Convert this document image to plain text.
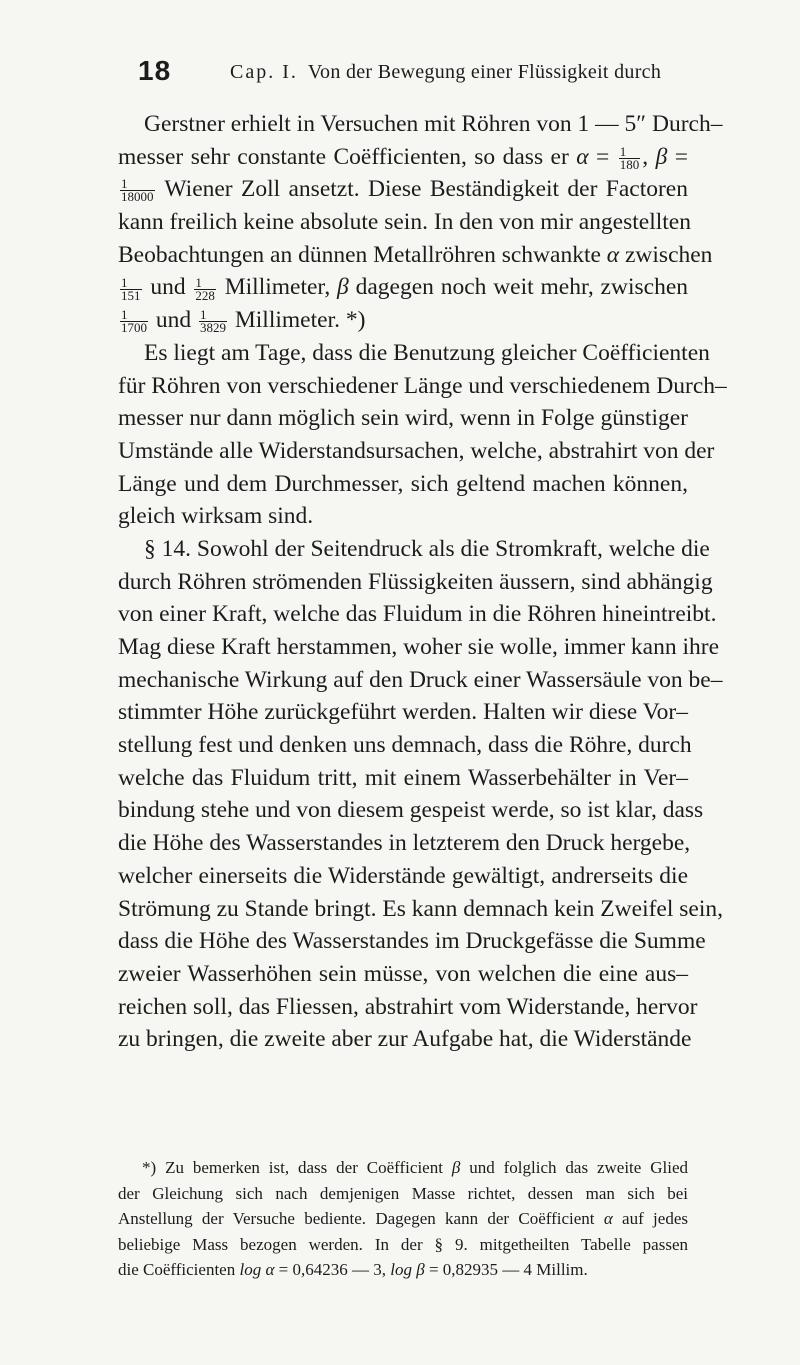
18	Cap. I. Von der Bewegung einer Flüssigkeit durch
Gerstner erhielt in Versuchen mit Röhren von 1 — 5″ Durch–
messer sehr constante Coëfficienten, so dass er $\alpha = \frac{1}{180}$ , β =
$\frac{1}{18000}$ Wiener Zoll ansetzt. Diese Beständigkeit der Factoren
kann freilich keine absolute sein. In den von mir angestellten
Beobachtungen an dünnen Metallröhren schwankte α zwischen
$\frac{1}{151}$ und $\frac{1}{228}$ Millimeter, β dagegen noch weit mehr, zwischen
$\frac{1}{1700}$ und $\frac{1}{3829}$ Millimeter. *)
Es liegt am Tage, dass die Benutzung gleicher Coëfficienten
für Röhren von verschiedener Länge und verschiedenem Durch–
messer nur dann möglich sein wird, wenn in Folge günstiger
Umstände alle Widerstandsursachen, welche, abstrahirt von der
Länge und dem Durchmesser, sich geltend machen können,
gleich wirksam sind.
§ 14. Sowohl der Seitendruck als die Stromkraft, welche die
durch Röhren strömenden Flüssigkeiten äussern, sind abhängig
von einer Kraft, welche das Fluidum in die Röhren hineintreibt.
Mag diese Kraft herstammen, woher sie wolle, immer kann ihre
mechanische Wirkung auf den Druck einer Wassersäule von be–
stimmter Höhe zurückgeführt werden. Halten wir diese Vor–
stellung fest und denken uns demnach, dass die Röhre, durch
welche das Fluidum tritt, mit einem Wasserbehälter in Ver–
bindung stehe und von diesem gespeist werde, so ist klar, dass
die Höhe des Wasserstandes in letzterem den Druck hergebe,
welcher einerseits die Widerstände gewältigt, andrerseits die
Strömung zu Stande bringt. Es kann demnach kein Zweifel sein,
dass die Höhe des Wasserstandes im Druckgefässe die Summe
zweier Wasserhöhen sein müsse, von welchen die eine aus–
reichen soll, das Fliessen, abstrahirt vom Widerstande, hervor
zu bringen, die zweite aber zur Aufgabe hat, die Widerstände
*) Zu bemerken ist, dass der Coëfficient β und folglich das zweite Glied
der Gleichung sich nach demjenigen Masse richtet, dessen man sich bei
Anstellung der Versuche bediente. Dagegen kann der Coëfficient α auf jedes
beliebige Mass bezogen werden. In der § 9. mitgetheilten Tabelle passen
die Coëfficienten log α = 0,64236 — 3, log β = 0,82935 — 4 Millim.
